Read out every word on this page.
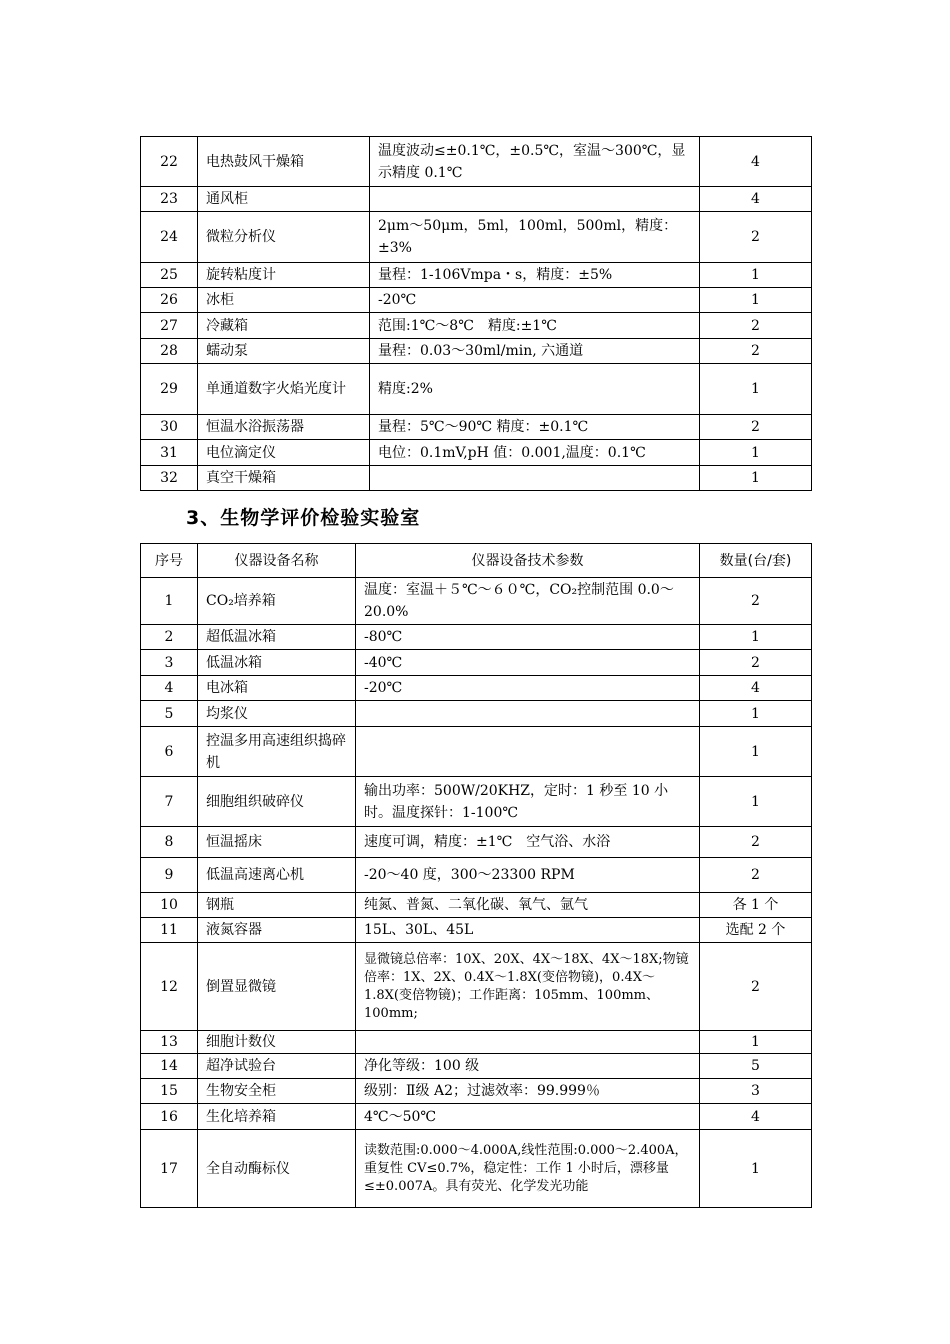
22	电热鼓风干燥箱	温度波动≤±0.1℃，±0.5℃，室温～300℃，显示精度 0.1℃	4
23	通风柜		4
24	微粒分析仪	2μm～50μm，5ml，100ml，500ml，精度：±3%	2
25	旋转粘度计	量程：1-106Vmpa・s，精度：±5%	1
26	冰柜	-20℃	1
27	冷藏箱	范围:1℃～8℃　精度:±1℃	2
28	蠕动泵	量程：0.03～30ml/min, 六通道	2
29	单通道数字火焰光度计	精度:2%	1
30	恒温水浴振荡器	量程：5℃～90℃ 精度：±0.1℃	2
31	电位滴定仪	电位：0.1mV,pH 值：0.001,温度：0.1℃	1
32	真空干燥箱		1
3、生物学评价检验实验室
序号	仪器设备名称	仪器设备技术参数	数量(台/套)
1	CO₂培养箱	温度：室温＋５℃～６０℃，CO₂控制范围 0.0～20.0%	2
2	超低温冰箱	-80℃	1
3	低温冰箱	-40℃	2
4	电冰箱	-20℃	4
5	均浆仪		1
6	控温多用高速组织捣碎机		1
7	细胞组织破碎仪	输出功率：500W/20KHZ，定时：1 秒至 10 小时。温度探针：1-100℃	1
8	恒温摇床	速度可调，精度：±1℃　空气浴、水浴	2
9	低温高速离心机	-20～40 度，300～23300 RPM	2
10	钢瓶	纯氮、普氮、二氧化碳、氧气、氩气	各 1 个
11	液氮容器	15L、30L、45L	选配 2 个
12	倒置显微镜	显微镜总倍率：10X、20X、4X～18X、4X～18X;物镜倍率：1X、2X、0.4X～1.8X(变倍物镜)，0.4X～1.8X(变倍物镜)；工作距离：105mm、100mm、100mm;	2
13	细胞计数仪		1
14	超净试验台	净化等级：100 级	5
15	生物安全柜	级别：Ⅱ级 A2；过滤效率：99.999％	3
16	生化培养箱	4℃～50℃	4
17	全自动酶标仪	读数范围:0.000～4.000A,线性范围:0.000～2.400A，重复性 CV≤0.7%，稳定性：工作 1 小时后，漂移量≤±0.007A。具有荧光、化学发光功能	1
